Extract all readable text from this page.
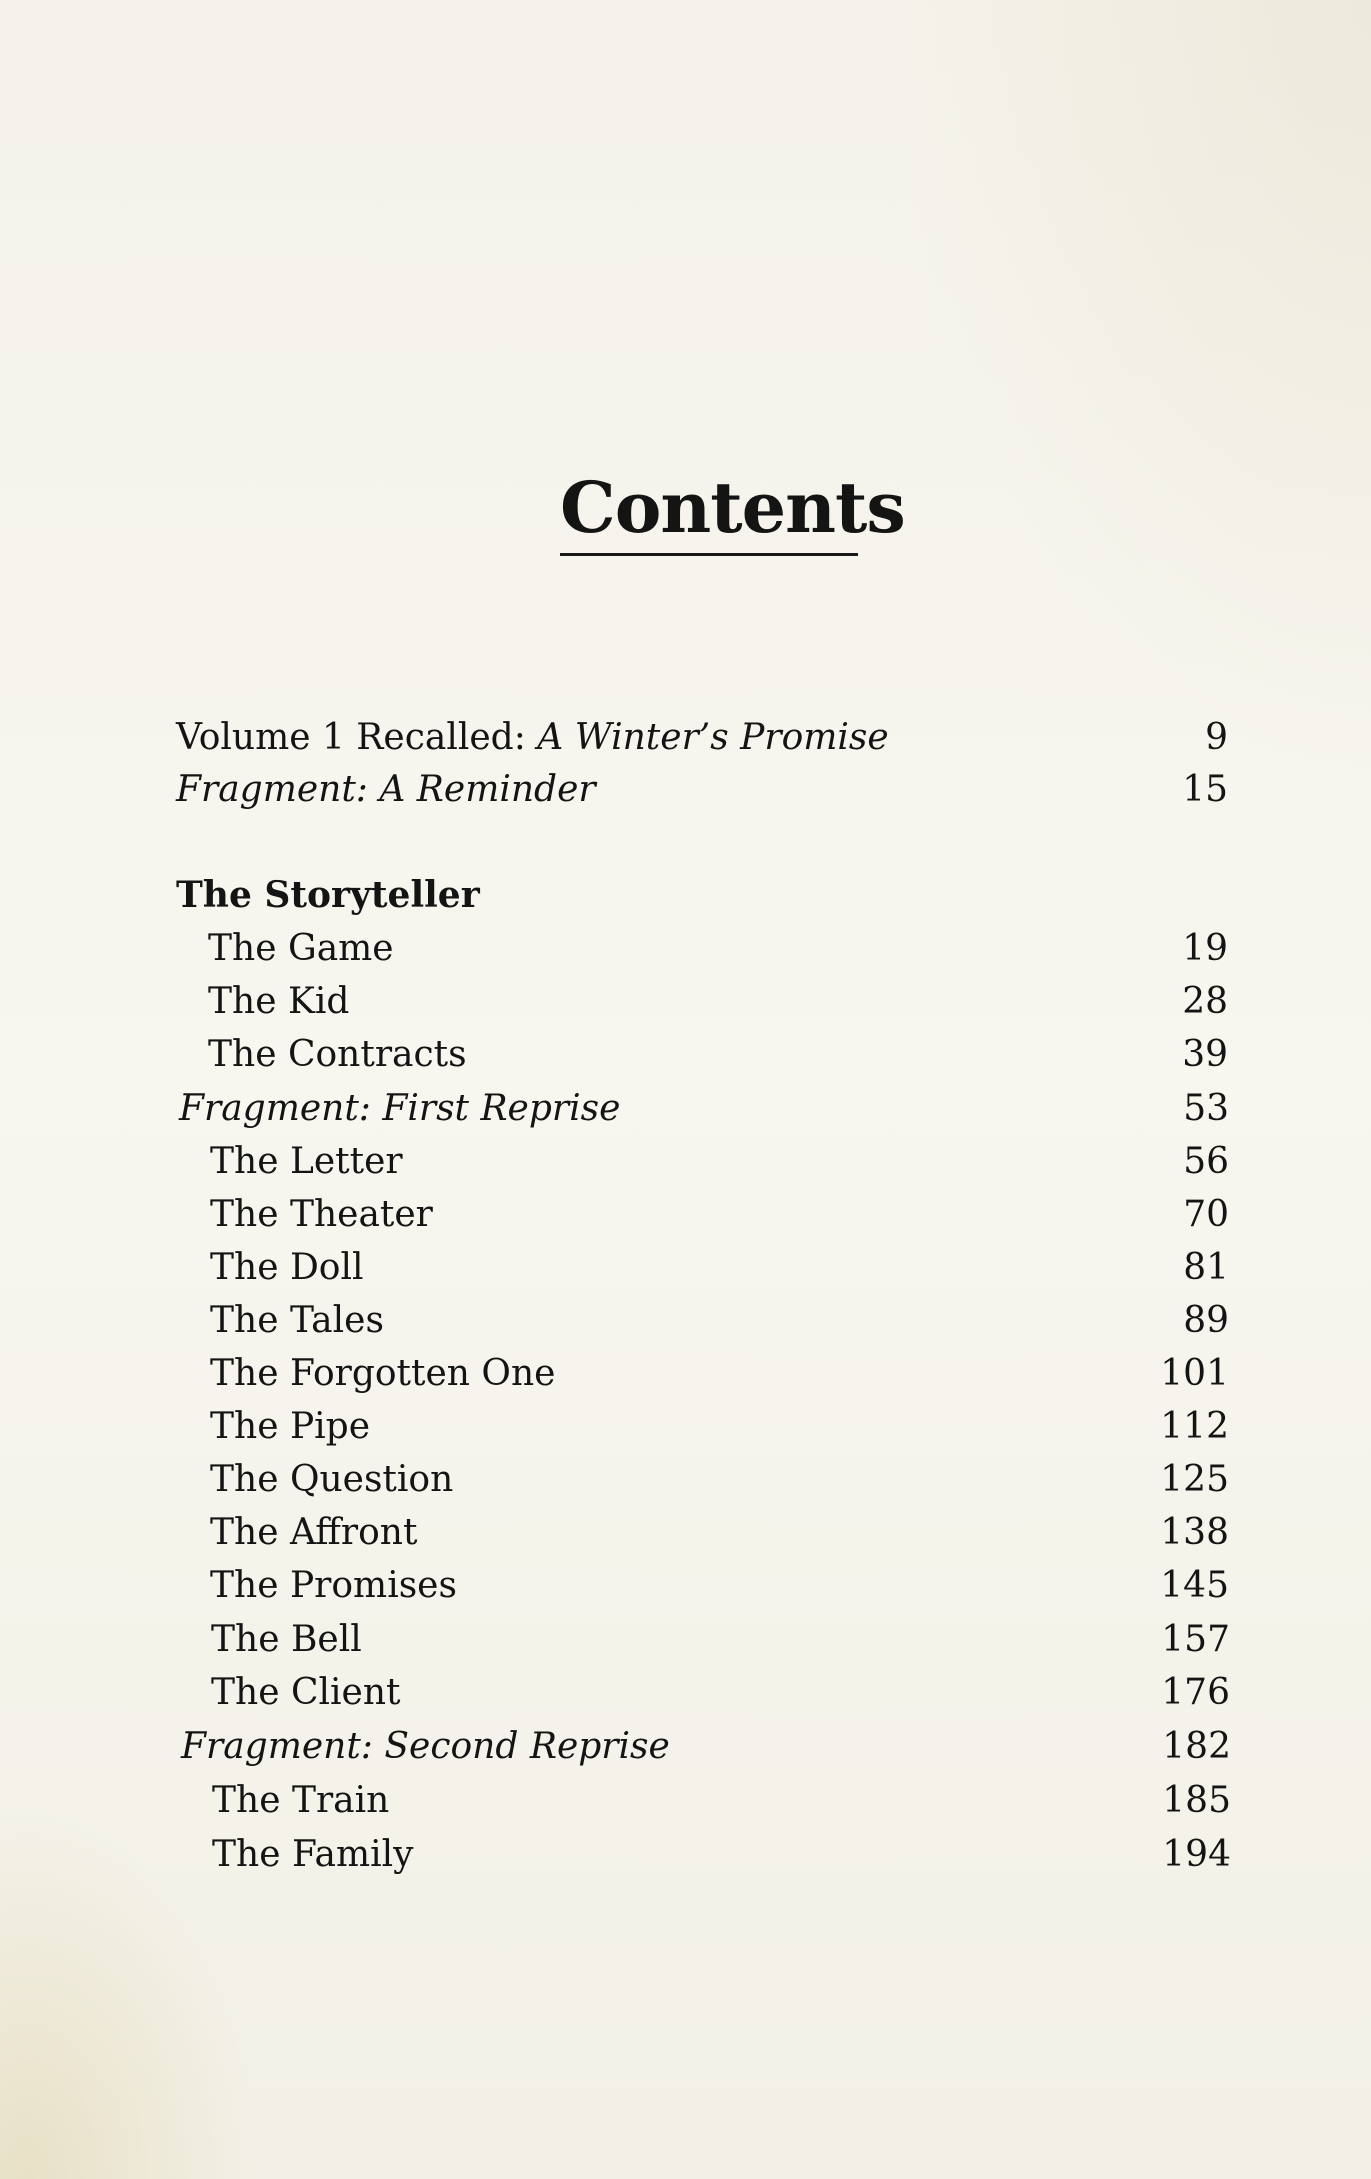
Contents
Volume 1 Recalled: A Winter’s Promise	9
Fragment: A Reminder	15
The Storyteller
The Game	19
The Kid	28
The Contracts	39
Fragment: First Reprise	53
The Letter	56
The Theater	70
The Doll	81
The Tales	89
The Forgotten One	101
The Pipe	112
The Question	125
The Affront	138
The Promises	145
The Bell	157
The Client	176
Fragment: Second Reprise	182
The Train	185
The Family	194
